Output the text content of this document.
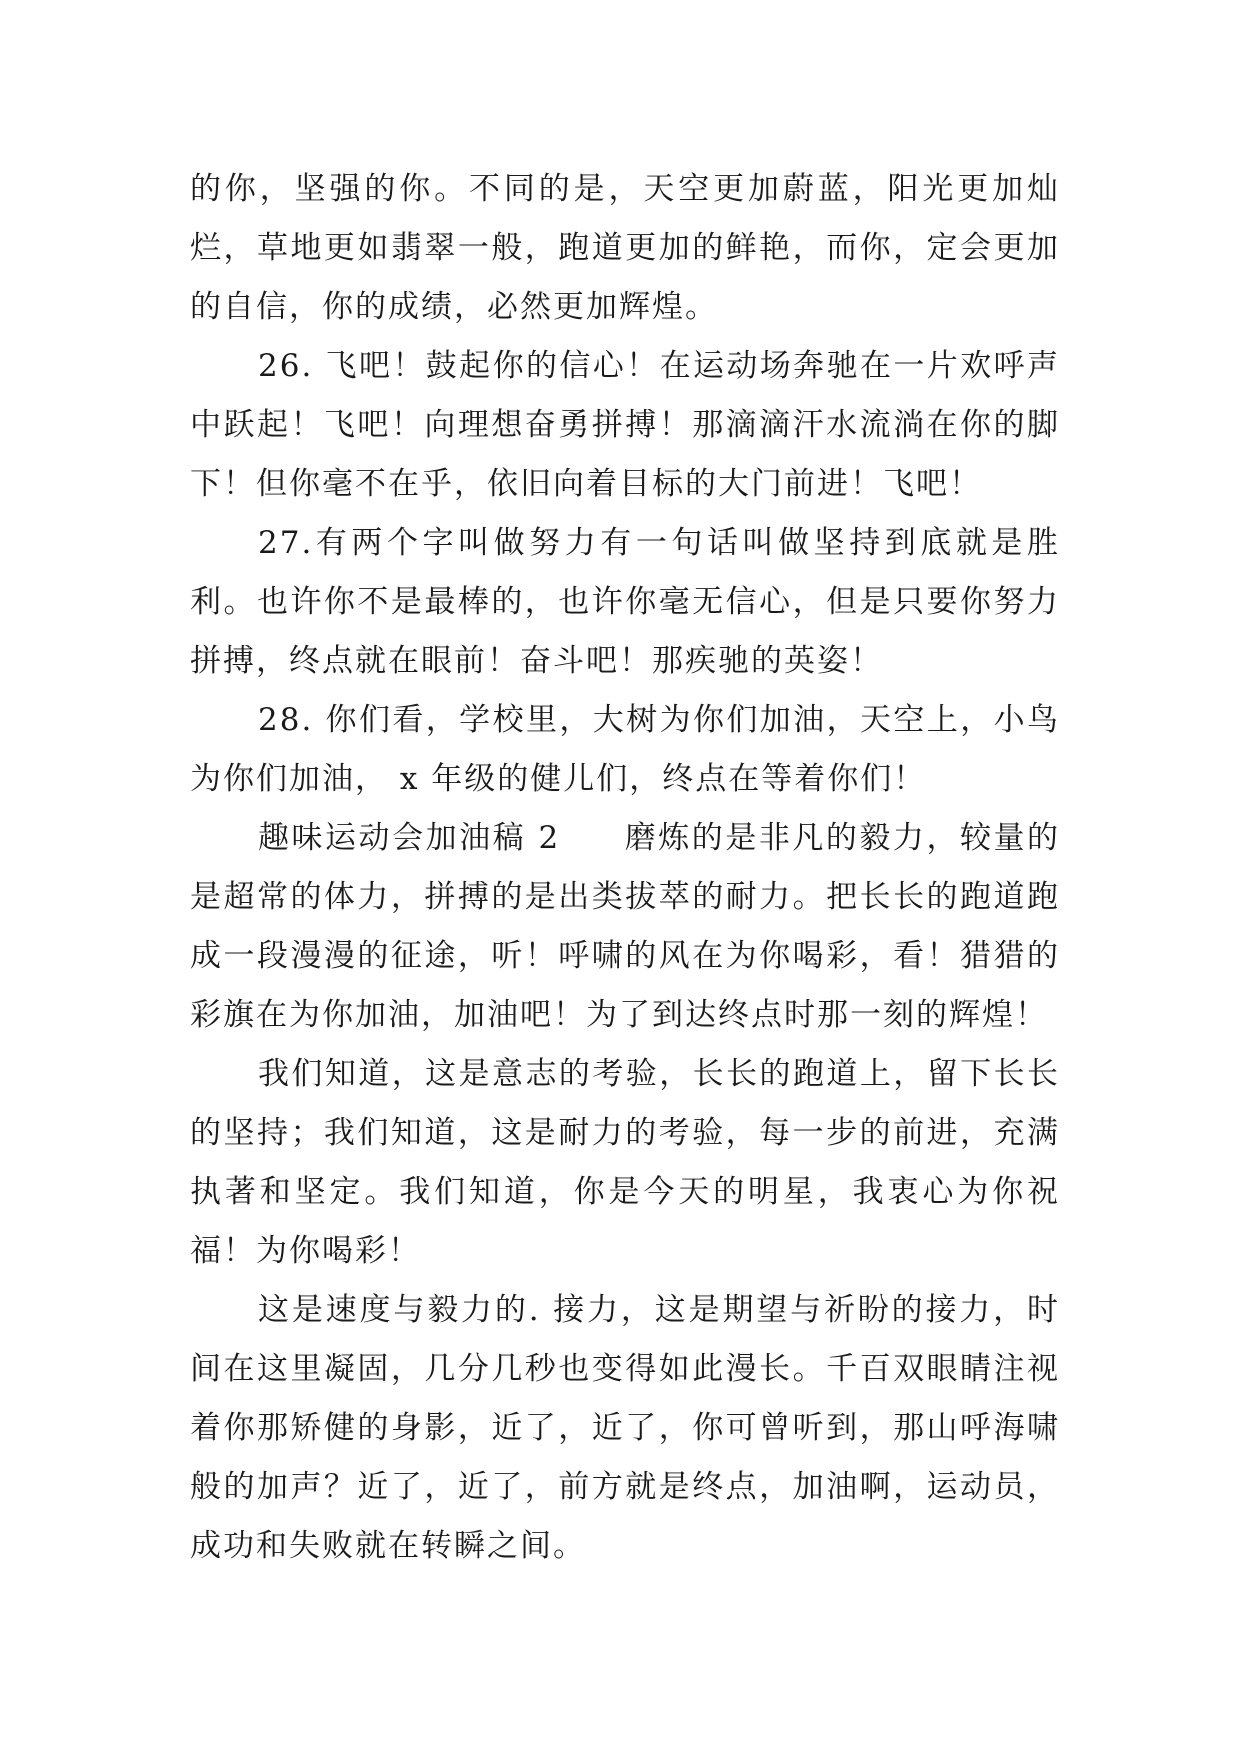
的你，坚强的你。不同的是，天空更加蔚蓝，阳光更加灿烂，草地更如翡翠一般，跑道更加的鲜艳，而你，定会更加的自信，你的成绩，必然更加辉煌。

26. 飞吧！鼓起你的信心！在运动场奔驰在一片欢呼声中跃起！飞吧！向理想奋勇拼搏！那滴滴汗水流淌在你的脚下！但你毫不在乎，依旧向着目标的大门前进！飞吧！

27.有两个字叫做努力有一句话叫做坚持到底就是胜利。也许你不是最棒的，也许你毫无信心，但是只要你努力拼搏，终点就在眼前！奋斗吧！那疾驰的英姿！

28. 你们看，学校里，大树为你们加油，天空上，小鸟为你们加油， x 年级的健儿们，终点在等着你们！

趣味运动会加油稿 2 磨炼的是非凡的毅力，较量的是超常的体力，拼搏的是出类拔萃的耐力。把长长的跑道跑成一段漫漫的征途，听！呼啸的风在为你喝彩，看！猎猎的彩旗在为你加油，加油吧！为了到达终点时那一刻的辉煌！

我们知道，这是意志的考验，长长的跑道上，留下长长的坚持；我们知道，这是耐力的考验，每一步的前进，充满执著和坚定。我们知道，你是今天的明星，我衷心为你祝福！为你喝彩！

这是速度与毅力的. 接力，这是期望与祈盼的接力，时间在这里凝固，几分几秒也变得如此漫长。千百双眼睛注视着你那矫健的身影，近了，近了，你可曾听到，那山呼海啸般的加声？近了，近了，前方就是终点，加油啊，运动员，成功和失败就在转瞬之间。
